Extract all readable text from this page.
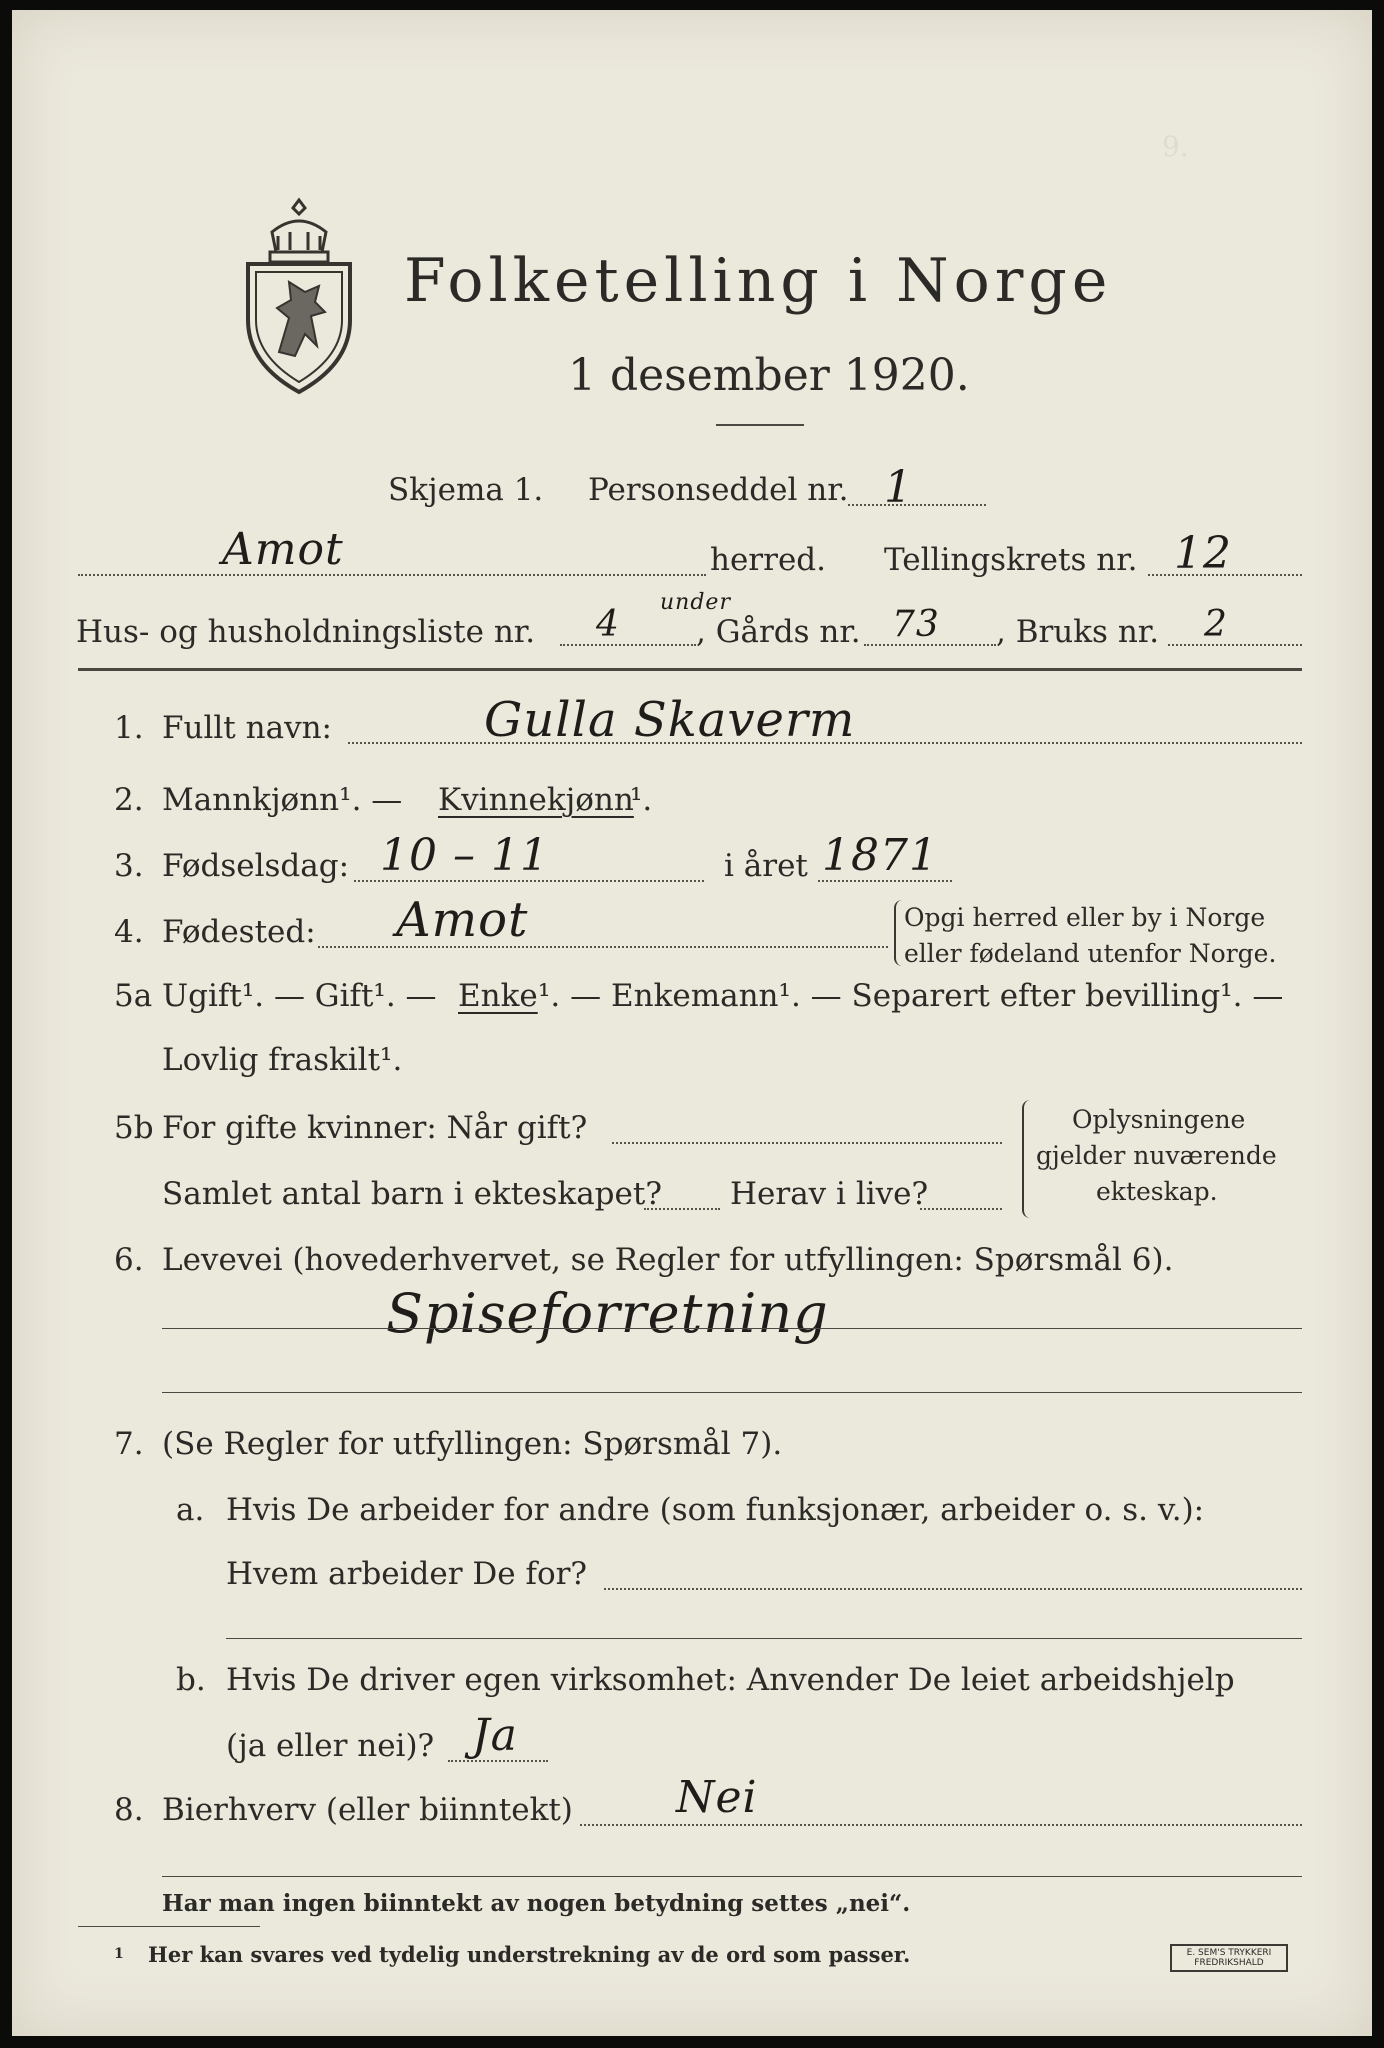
9.
Folketelling i Norge
1 desember 1920.
Skjema 1. Personseddel nr. 1
Amot	herred. Tellingskrets nr. 12
Hus- og husholdningsliste nr. 4
under
, Gårds nr. 73 , Bruks nr. 2
1. Fullt navn:	Gulla Skaverm
2. Mannkjønn¹. — Kvinnekjønn
¹.
3. Fødselsdag: 10 – 11	i året 1871
4. Fødested: Amot	Opgi herred eller by i Norge
eller fødeland utenfor Norge.
5a Ugift¹. — Gift¹. — Enke ¹. — Enkemann¹. — Separert efter bevilling¹. —
Lovlig fraskilt¹.
5b For gifte kvinner: Når gift?
Samlet antal barn i ekteskapet? Herav i live?
Oplysningene
gjelder nuværende
ekteskap.
6. Levevei (hovederhvervet, se Regler for utfyllingen: Spørsmål 6).
Spiseforretning
7. (Se Regler for utfyllingen: Spørsmål 7).
a. Hvis De arbeider for andre (som funksjonær, arbeider o. s. v.):
Hvem arbeider De for?
b. Hvis De driver egen virksomhet: Anvender De leiet arbeidshjelp
(ja eller nei)? Ja
8. Bierhverv (eller biinntekt) Nei
Har man ingen biinntekt av nogen betydning settes „nei“.
1 Her kan svares ved tydelig understrekning av de ord som passer.	E. SEM'S TRYKKERI FREDRIKSHALD
